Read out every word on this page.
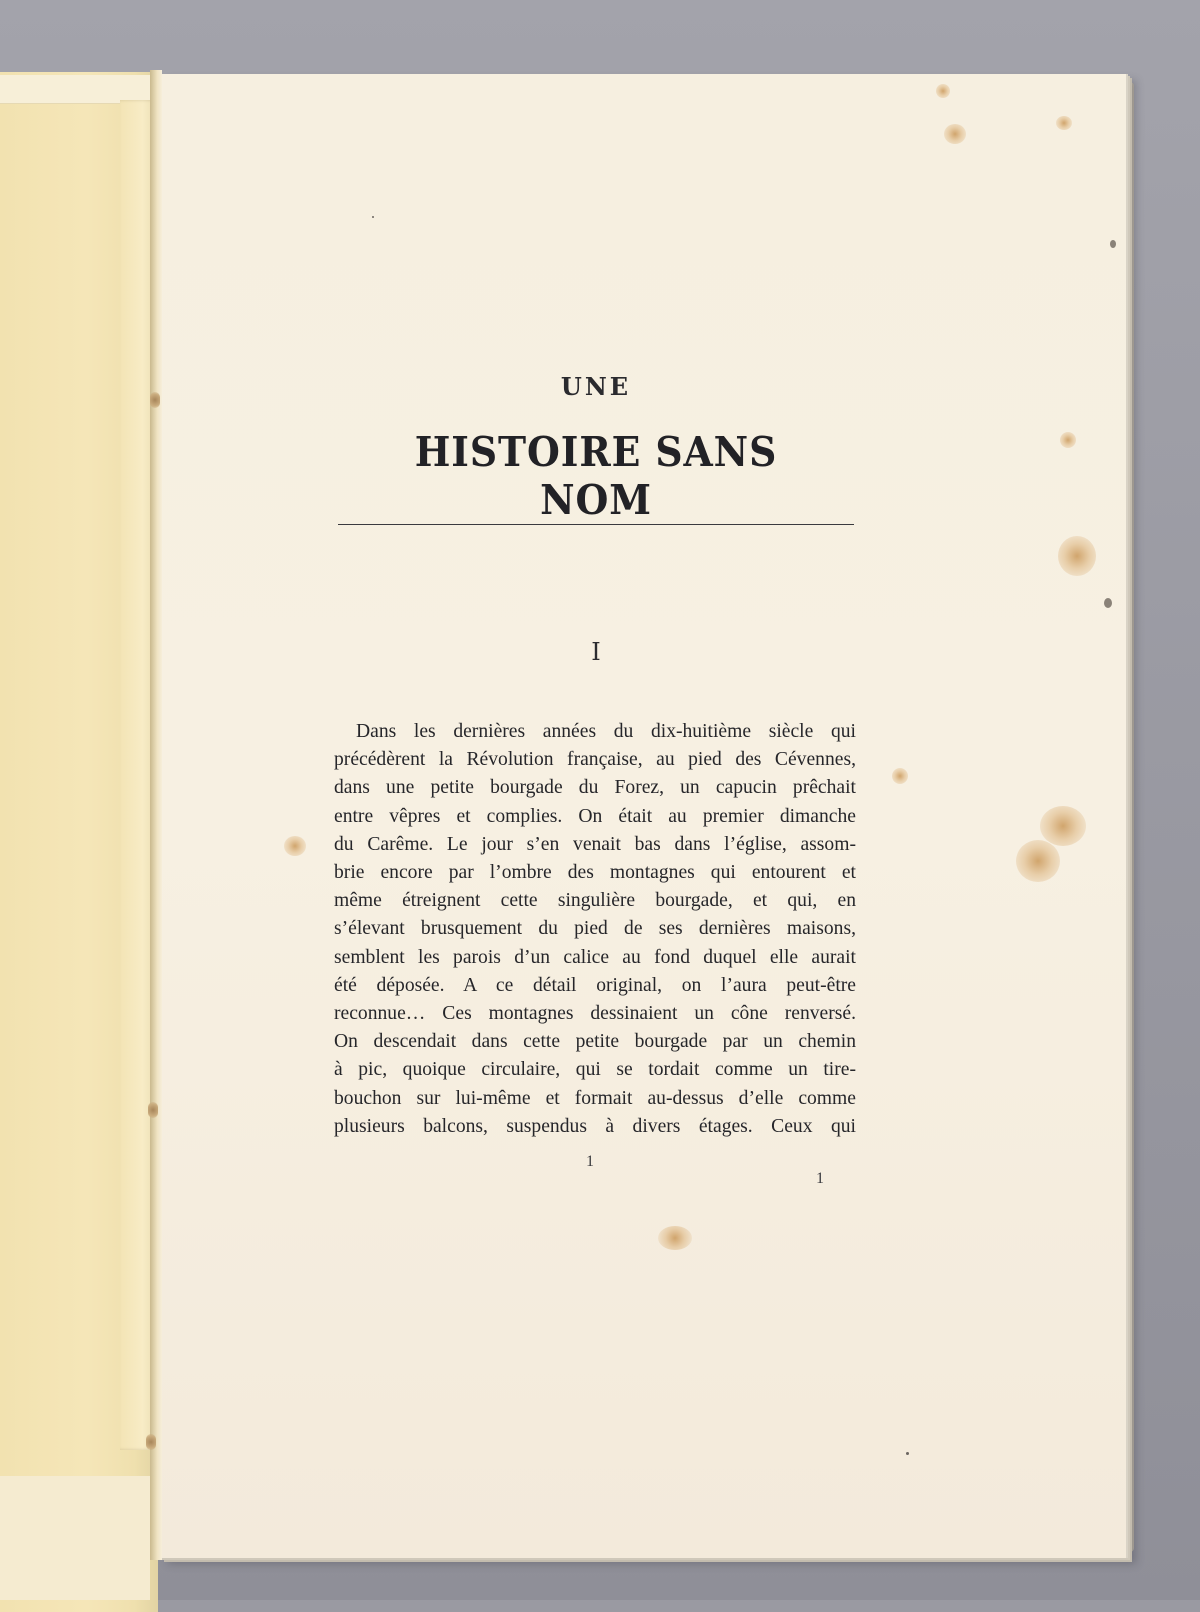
UNE
HISTOIRE SANS NOM
I
Dans les dernières années du dix-huitième siècle qui
précédèrent la Révolution française, au pied des Cévennes,
dans une petite bourgade du Forez, un capucin prêchait
entre vêpres et complies. On était au premier dimanche
du Carême. Le jour s’en venait bas dans l’église, assom-
brie encore par l’ombre des montagnes qui entourent et
même étreignent cette singulière bourgade, et qui, en
s’élevant brusquement du pied de ses dernières maisons,
semblent les parois d’un calice au fond duquel elle aurait
été déposée. A ce détail original, on l’aura peut-être
reconnue… Ces montagnes dessinaient un cône renversé.
On descendait dans cette petite bourgade par un chemin
à pic, quoique circulaire, qui se tordait comme un tire-
bouchon sur lui-même et formait au-dessus d’elle comme
plusieurs balcons, suspendus à divers étages. Ceux qui
1
1
